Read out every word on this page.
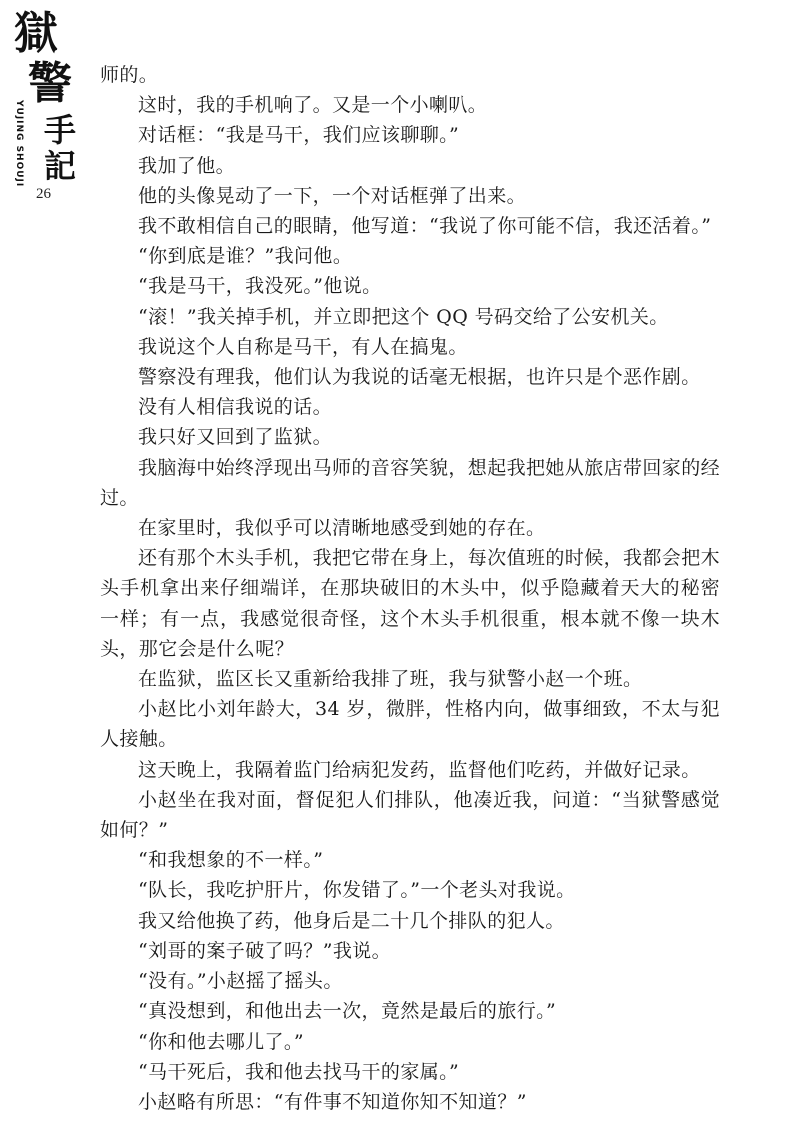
獄
警
手
記
YUJING SHOUJI
26

师的。

这时，我的手机响了。又是一个小喇叭。

对话框：“我是马干，我们应该聊聊。”

我加了他。

他的头像晃动了一下，一个对话框弹了出来。

我不敢相信自己的眼睛，他写道：“我说了你可能不信，我还活着。”

“你到底是谁？”我问他。

“我是马干，我没死。”他说。

“滚！”我关掉手机，并立即把这个 QQ 号码交给了公安机关。

我说这个人自称是马干，有人在搞鬼。

警察没有理我，他们认为我说的话毫无根据，也许只是个恶作剧。

没有人相信我说的话。

我只好又回到了监狱。

我脑海中始终浮现出马师的音容笑貌，想起我把她从旅店带回家的经过。

在家里时，我似乎可以清晰地感受到她的存在。

还有那个木头手机，我把它带在身上，每次值班的时候，我都会把木头手机拿出来仔细端详，在那块破旧的木头中，似乎隐藏着天大的秘密一样；有一点，我感觉很奇怪，这个木头手机很重，根本就不像一块木头，那它会是什么呢？

在监狱，监区长又重新给我排了班，我与狱警小赵一个班。

小赵比小刘年龄大，34 岁，微胖，性格内向，做事细致，不太与犯人接触。

这天晚上，我隔着监门给病犯发药，监督他们吃药，并做好记录。

小赵坐在我对面，督促犯人们排队，他凑近我，问道：“当狱警感觉如何？”

“和我想象的不一样。”

“队长，我吃护肝片，你发错了。”一个老头对我说。

我又给他换了药，他身后是二十几个排队的犯人。

“刘哥的案子破了吗？”我说。

“没有。”小赵摇了摇头。

“真没想到，和他出去一次，竟然是最后的旅行。”

“你和他去哪儿了。”

“马干死后，我和他去找马干的家属。”

小赵略有所思：“有件事不知道你知不知道？”
